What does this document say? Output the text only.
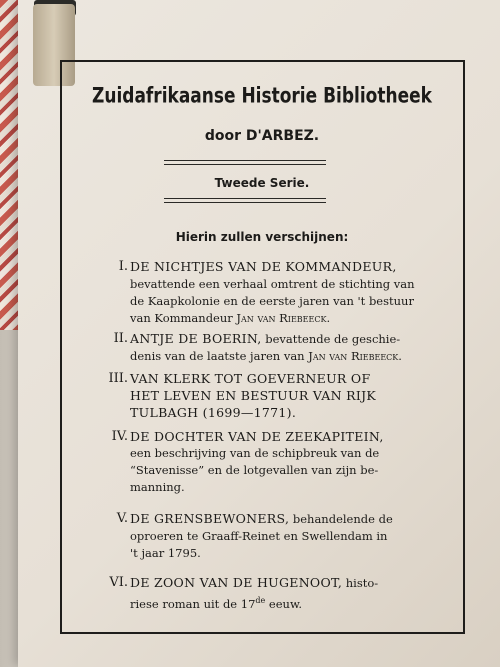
Zuidafrikaanse Historie Bibliotheek
door D'ARBEZ.
Tweede Serie.
Hierin zullen verschijnen:
I. DE NICHTJES VAN DE KOMMANDEUR,
bevattende een verhaal omtrent de stichting van
de Kaapkolonie en de eerste jaren van 't bestuur
van Kommandeur Jan van Riebeeck.
II. ANTJE DE BOERIN, bevattende de geschie-
denis van de laatste jaren van Jan van Riebeeck.
III. VAN KLERK TOT GOEVERNEUR OF
HET LEVEN EN BESTUUR VAN RIJK
TULBAGH (1699—1771).
IV. DE DOCHTER VAN DE ZEEKAPITEIN,
een beschrijving van de schipbreuk van de
“Stavenisse” en de lotgevallen van zijn be-
manning.
V. DE GRENSBEWONERS, behandelende de
oproeren te Graaff-Reinet en Swellendam in
't jaar 1795.
VI. DE ZOON VAN DE HUGENOOT, histo-
riese roman uit de 17de eeuw.
